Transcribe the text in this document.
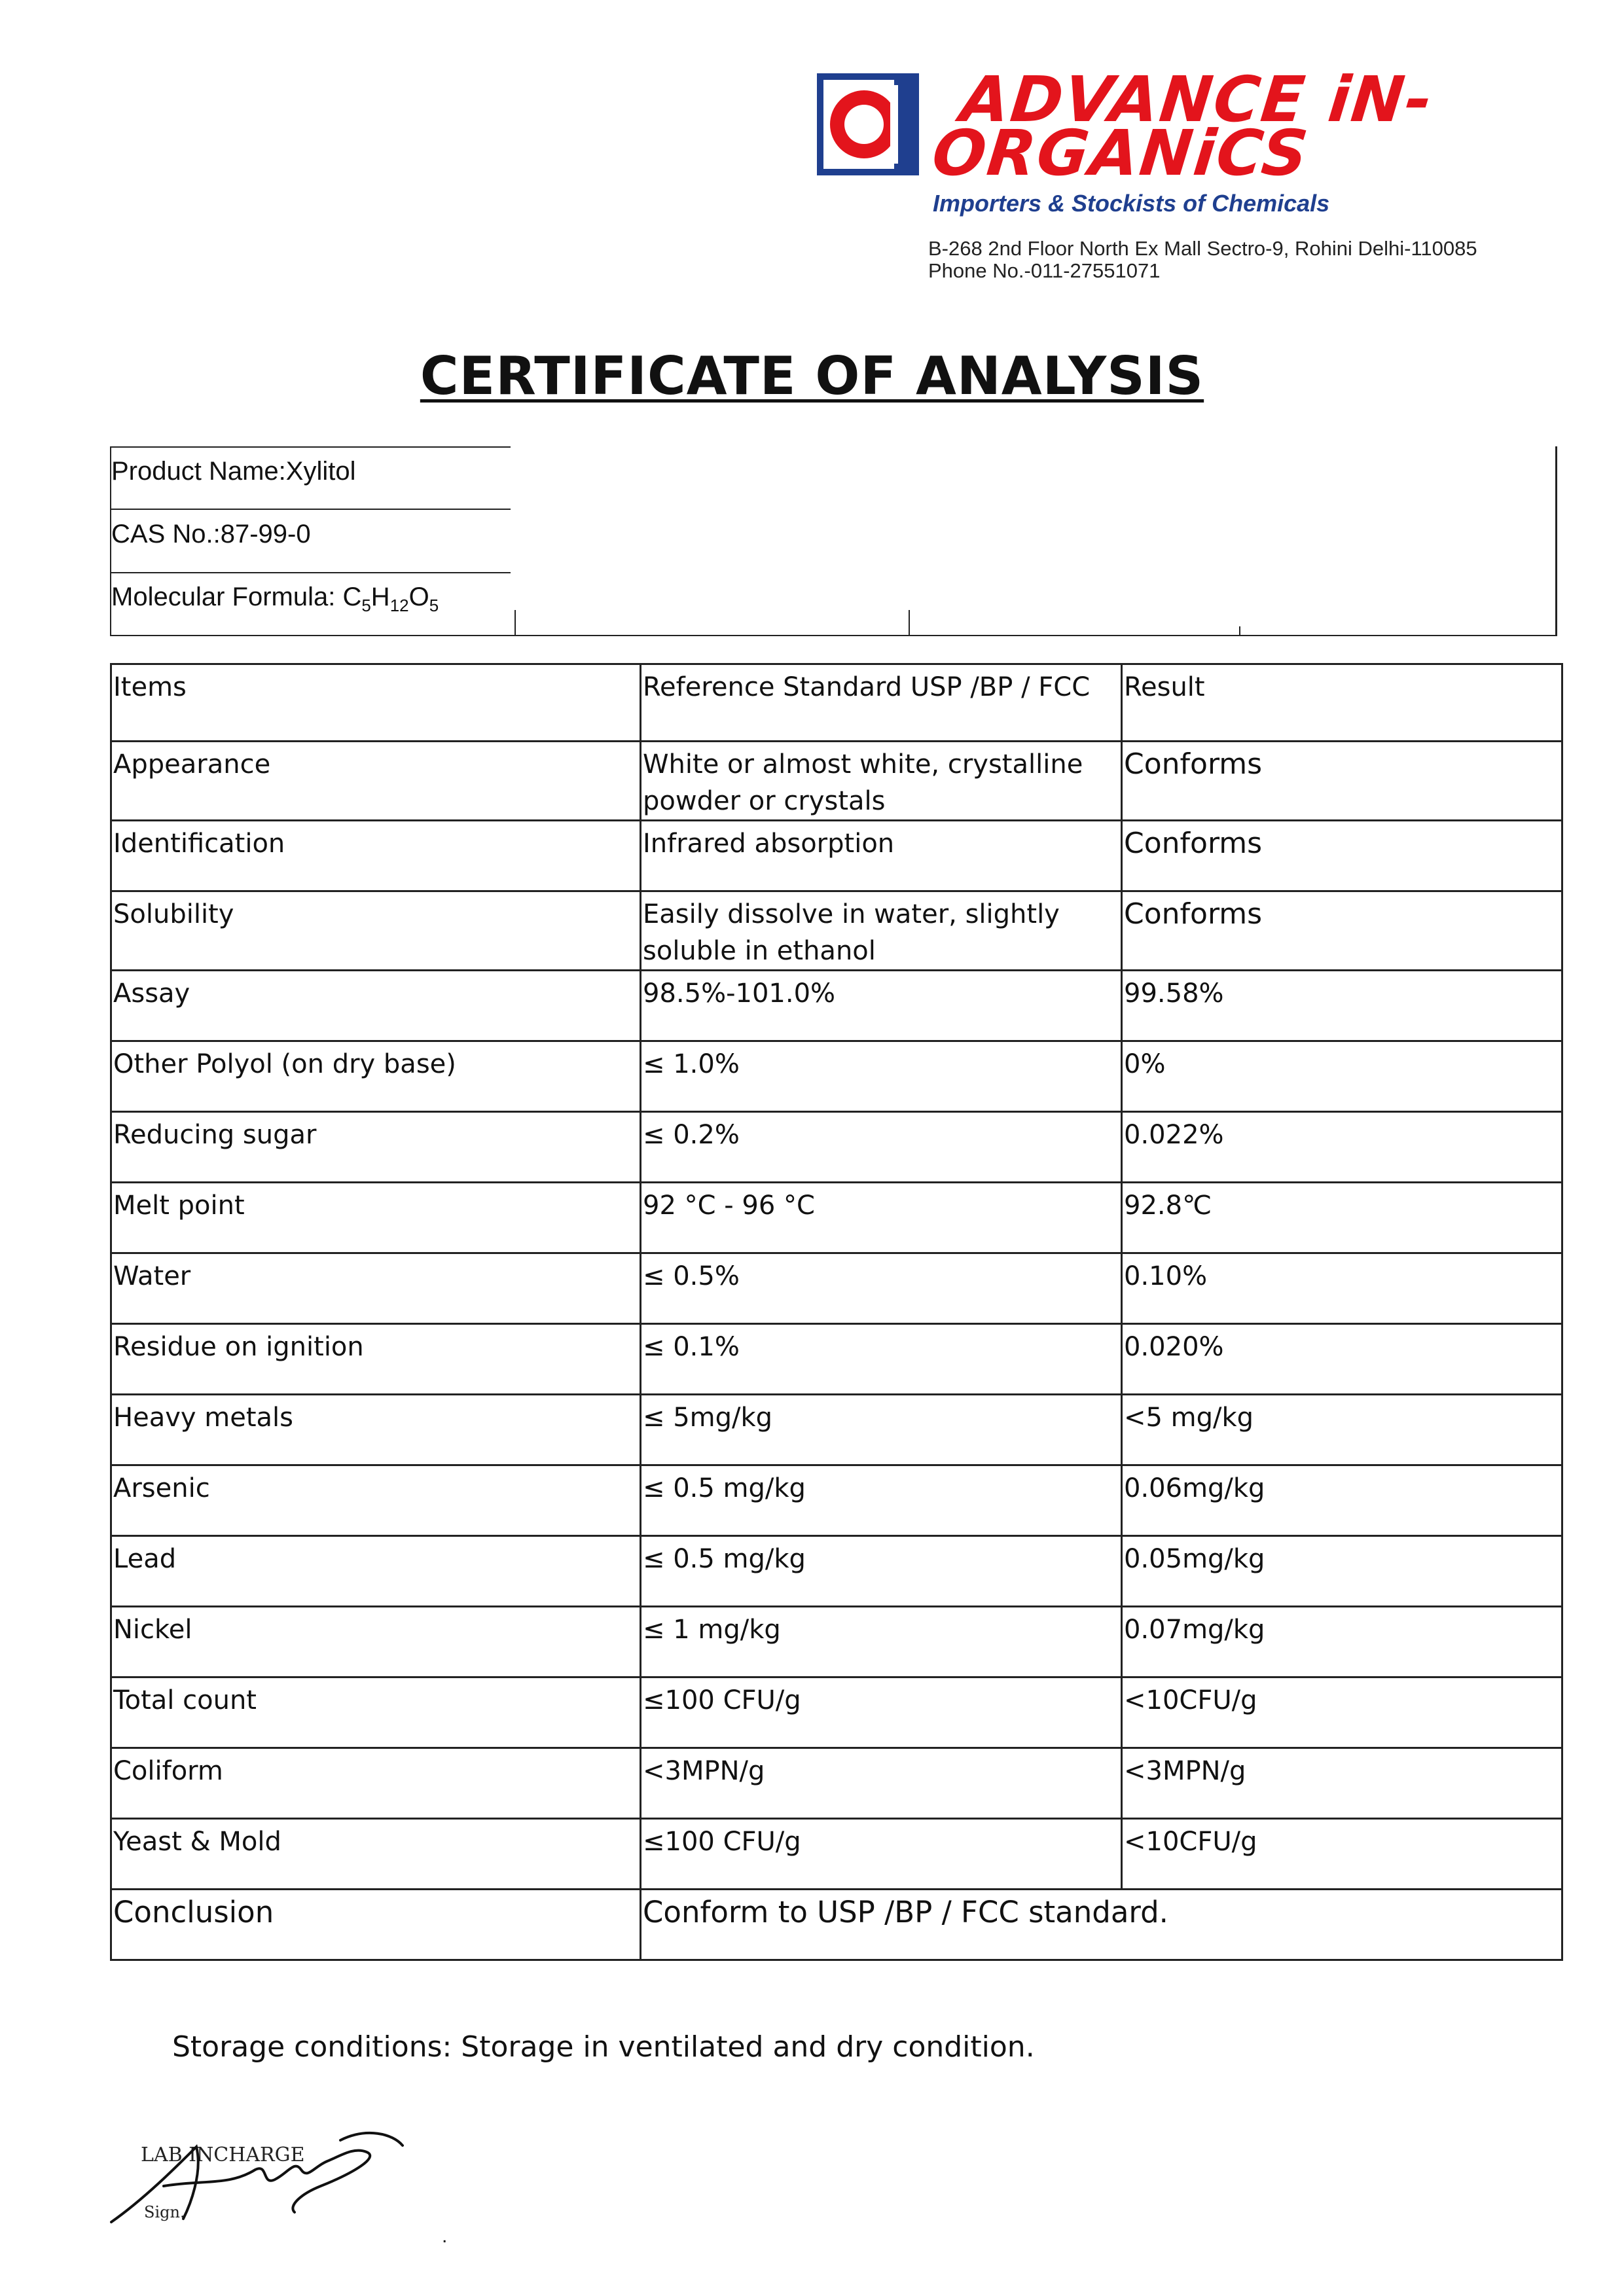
ADVANCE iN-
ORGANiCS
Importers & Stockists of Chemicals
B-268 2nd Floor North Ex Mall Sectro-9, Rohini Delhi-110085
Phone No.-011-27551071
CERTIFICATE OF ANALYSIS
Product Name:Xylitol
CAS No.:87-99-0
Molecular Formula: $C_5H_{12}O_5$
Items	Reference Standard USP /BP / FCC	Result
Appearance	White or almost white, crystalline powder or crystals	Conforms
Identification	Infrared absorption	Conforms
Solubility	Easily dissolve in water, slightly soluble in ethanol	Conforms
Assay	98.5%-101.0%	99.58%
Other Polyol (on dry base)	≤ 1.0%	0%
Reducing sugar	≤ 0.2%	0.022%
Melt point	92 °C - 96 °C	92.8℃
Water	≤ 0.5%	0.10%
Residue on ignition	≤ 0.1%	0.020%
Heavy metals	≤ 5mg/kg	<5 mg/kg
Arsenic	≤ 0.5 mg/kg	0.06mg/kg
Lead	≤ 0.5 mg/kg	0.05mg/kg
Nickel	≤ 1 mg/kg	0.07mg/kg
Total count	≤100 CFU/g	<10CFU/g
Coliform	<3MPN/g	<3MPN/g
Yeast & Mold	≤100 CFU/g	<10CFU/g
Conclusion	Conform to USP /BP / FCC standard.	
Storage conditions: Storage in ventilated and dry condition.
LAB INCHARGE
Sign.
.
